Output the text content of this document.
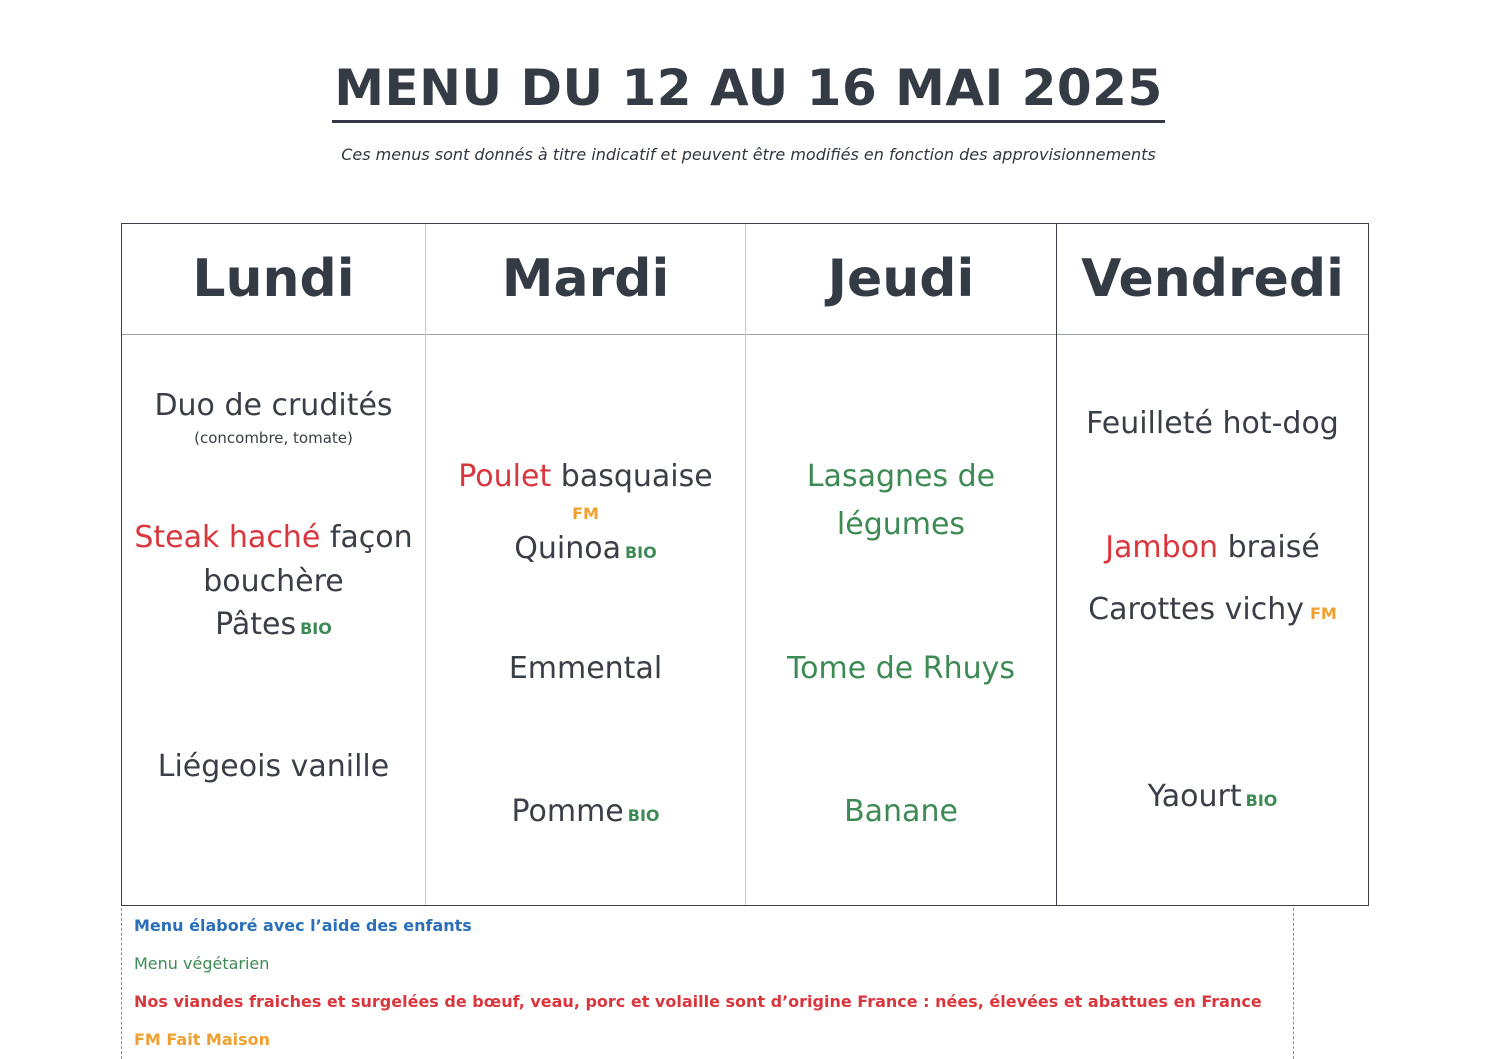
MENU DU 12 AU 16 MAI 2025
Ces menus sont donnés à titre indicatif et peuvent être modifiés en fonction des approvisionnements
Lundi
Duo de crudités
(concombre, tomate)
Steak haché façon
bouchère
Pâtes BIO
Liégeois vanille
Mardi
Poulet basquaise
FM
Quinoa BIO
Emmental
Pomme BIO
Jeudi
Lasagnes de
légumes
Tome de Rhuys
Banane
Vendredi
Feuilleté hot-dog
Jambon braisé
Carottes vichy FM
Yaourt BIO
Menu élaboré avec l’aide des enfants
Menu végétarien
Nos viandes fraiches et surgelées de bœuf, veau, porc et volaille sont d’origine France : nées, élevées et abattues en France
FM Fait Maison
